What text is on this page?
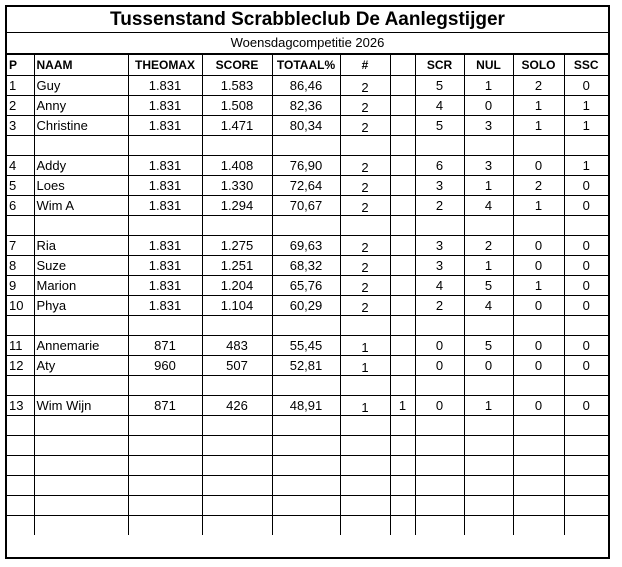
Tussenstand Scrabbleclub De Aanlegstijger
Woensdagcompetitie 2026
P	NAAM	THEOMAX	SCORE	TOTAAL%	#		SCR	NUL	SOLO	SSC
1	Guy	1.831	1.583	86,46	2		5	1	2	0
2	Anny	1.831	1.508	82,36	2		4	0	1	1
3	Christine	1.831	1.471	80,34	2		5	3	1	1

4	Addy	1.831	1.408	76,90	2		6	3	0	1
5	Loes	1.831	1.330	72,64	2		3	1	2	0
6	Wim A	1.831	1.294	70,67	2		2	4	1	0

7	Ria	1.831	1.275	69,63	2		3	2	0	0
8	Suze	1.831	1.251	68,32	2		3	1	0	0
9	Marion	1.831	1.204	65,76	2		4	5	1	0
10	Phya	1.831	1.104	60,29	2		2	4	0	0

11	Annemarie	871	483	55,45	1		0	5	0	0
12	Aty	960	507	52,81	1		0	0	0	0

13	Wim Wijn	871	426	48,91	1	1	0	1	0	0
